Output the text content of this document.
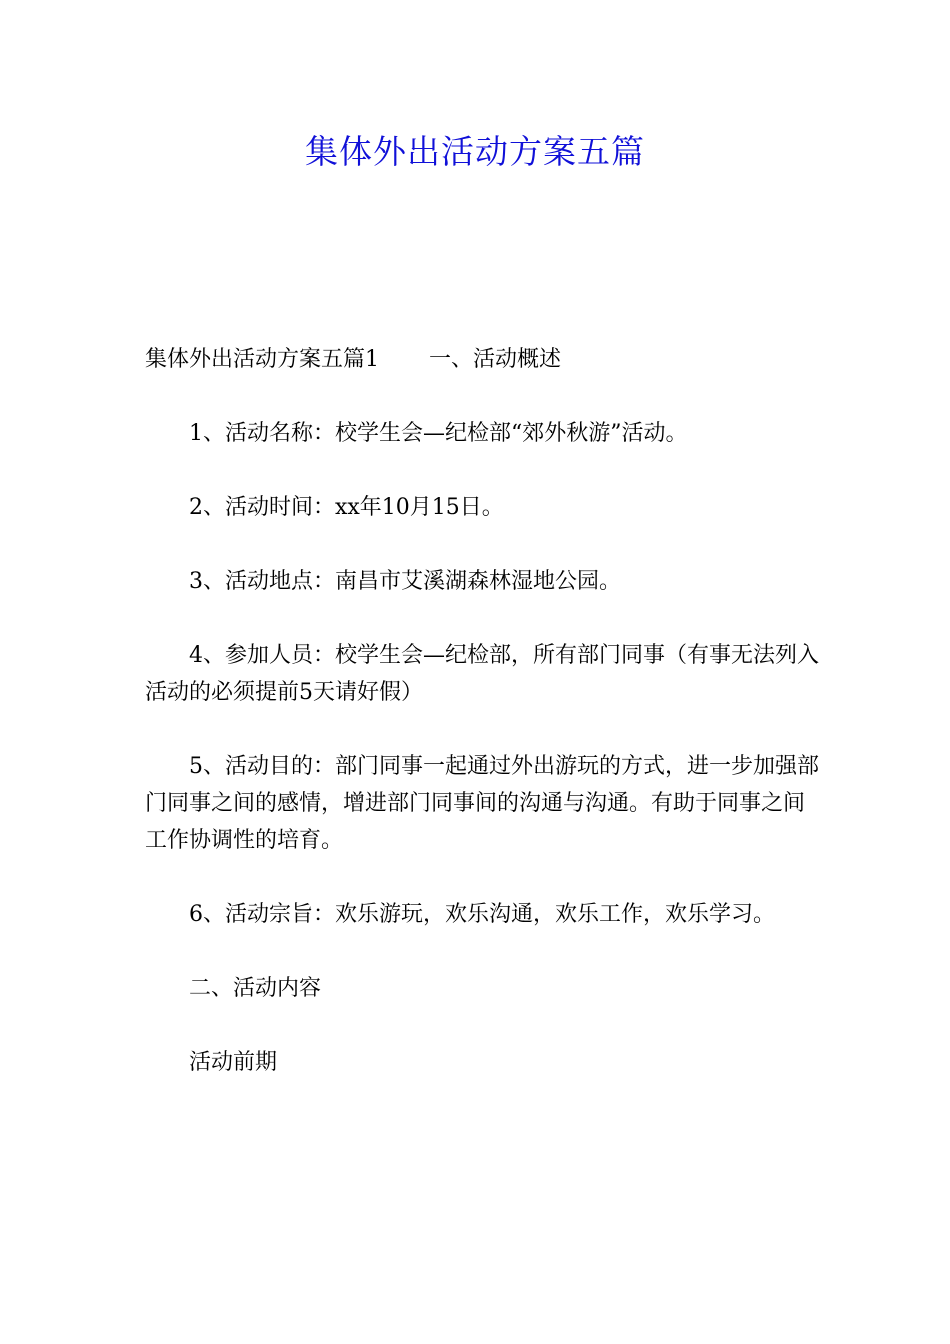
集体外出活动方案五篇

集体外出活动方案五篇1 一、活动概述

1、活动名称：校学生会—纪检部“郊外秋游”活动。

2、活动时间：xx年10月15日。

3、活动地点：南昌市艾溪湖森林湿地公园。

4、参加人员：校学生会—纪检部，所有部门同事（有事无法列入活动的必须提前5天请好假）

5、活动目的：部门同事一起通过外出游玩的方式，进一步加强部门同事之间的感情，增进部门同事间的沟通与沟通。有助于同事之间工作协调性的培育。

6、活动宗旨：欢乐游玩，欢乐沟通，欢乐工作，欢乐学习。

二、活动内容

活动前期
